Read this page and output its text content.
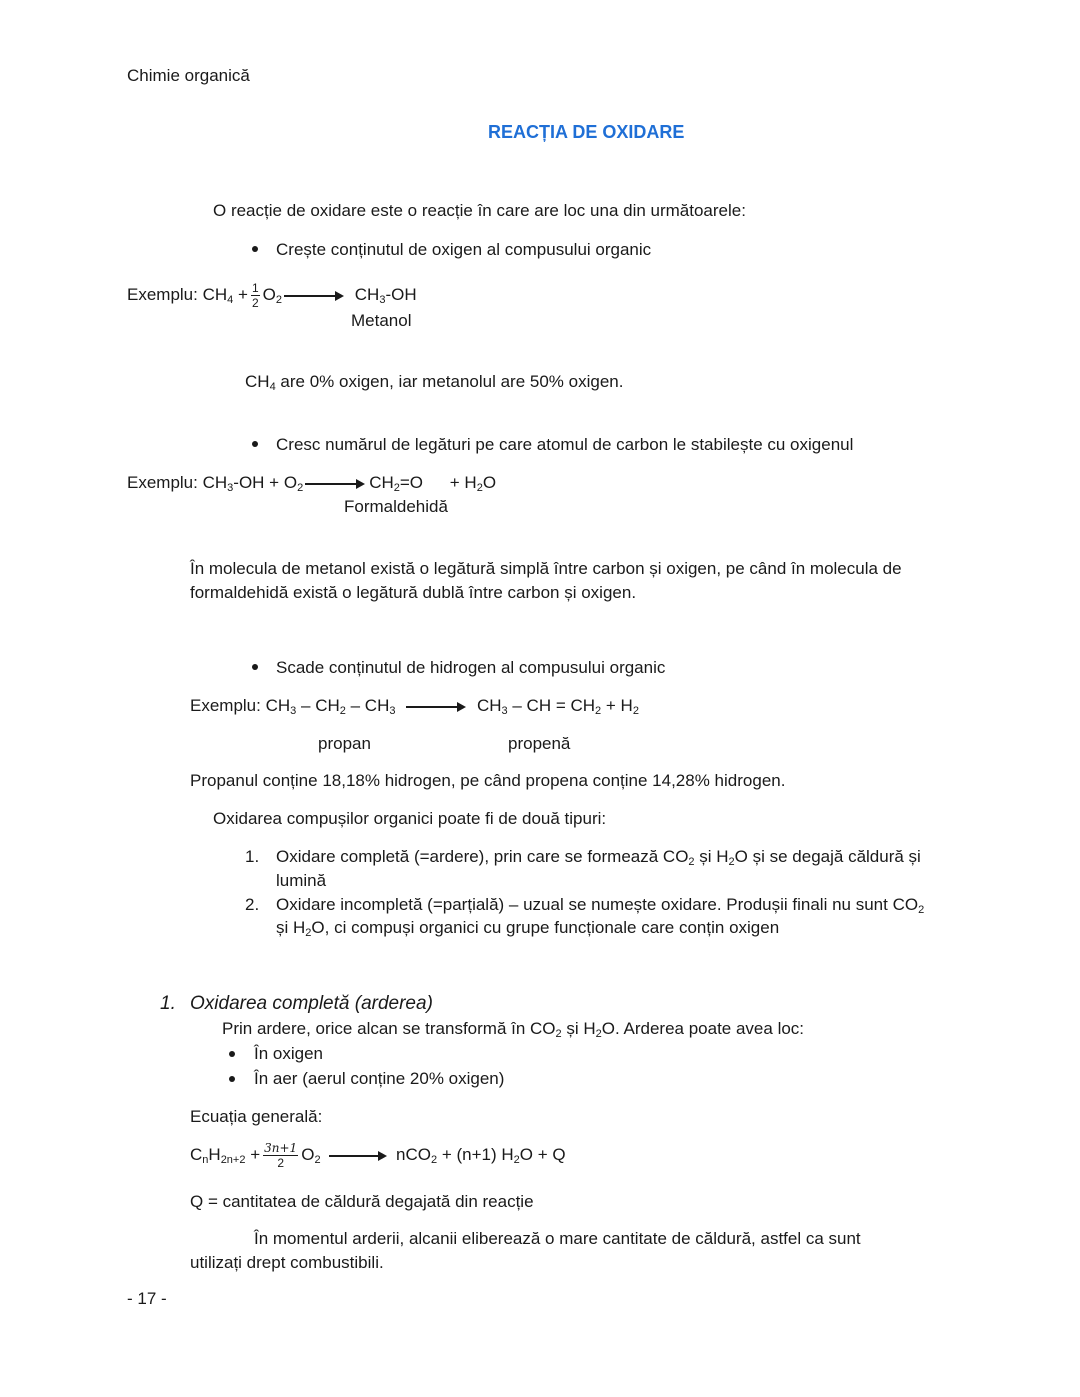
Chimie organică
REACȚIA DE OXIDARE
O reacție de oxidare este o reacție în care are loc una din următoarele:
Crește conținutul de oxigen al compusului organic
Exemplu: $CH_4 + \frac{1}{2} O_2 \to CH_3-OH$
Metanol
$CH_4$ are 0% oxigen, iar metanolul are 50% oxigen.
Cresc numărul de legături pe care atomul de carbon le stabilește cu oxigenul
Exemplu: $CH_3-OH + O_2 \to CH_2=O + H_2O$
Formaldehidă
În molecula de metanol există o legătură simplă între carbon și oxigen, pe când în molecula de formaldehidă există o legătură dublă între carbon și oxigen.
Scade conținutul de hidrogen al compusului organic
Exemplu: $CH_3 - CH_2 - CH_3 \to CH_3$ – CH = $CH_2 + H_2$
propan	propenă
Propanul conține 18,18% hidrogen, pe când propena conține 14,28% hidrogen.
Oxidarea compușilor organici poate fi de două tipuri:
1. Oxidare completă (=ardere), prin care se formează $CO_2$ și $H_2O$ și se degajă căldură și
lumină
2. Oxidare incompletă (=parțială) – uzual se numește oxidare. Produșii finali nu sunt $CO_2$
și $H_2O$, ci compuși organici cu grupe funcționale care conțin oxigen
1. Oxidarea completă (arderea)
Prin ardere, orice alcan se transformă în $CO_2$ și $H_2O$. Arderea poate avea loc:
În oxigen
În aer (aerul conține 20% oxigen)
Ecuația generală:
$C_nH_{2n+2} + \frac{3n+1}{2} O_2 \to nCO_2 + (n+1) H_2O + Q$
Q = cantitatea de căldură degajată din reacție
În momentul arderii, alcanii eliberează o mare cantitate de căldură, astfel ca sunt
utilizați drept combustibili.
- 17 -
